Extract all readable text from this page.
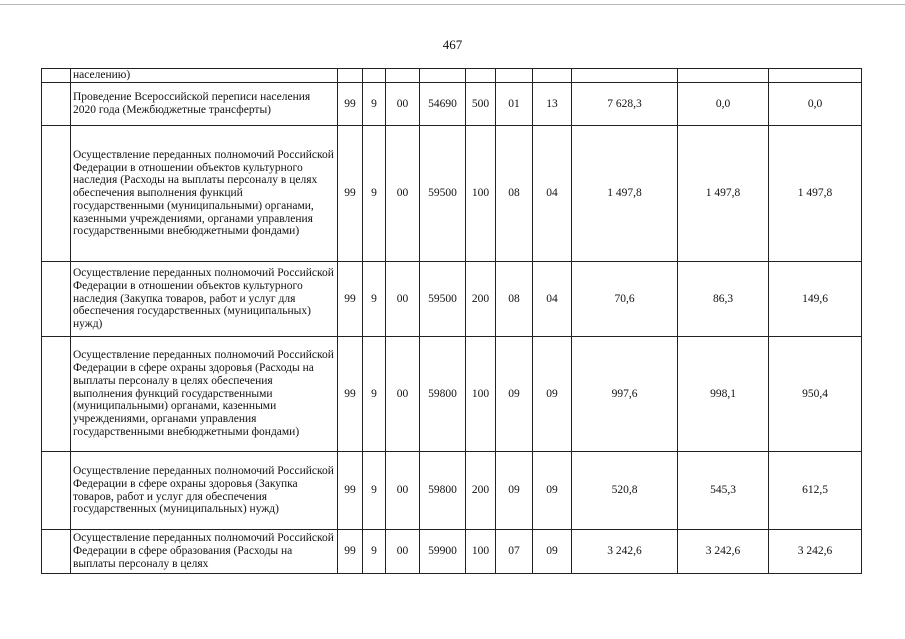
467
	населению)										
	Проведение Всероссийской переписи населения 2020 года (Межбюджетные трансферты)	99	9	00	54690	500	01	13	7 628,3	0,0	0,0
	Осуществление переданных полномочий Российской Федерации в отношении объектов культурного наследия (Расходы на выплаты персоналу в целях обеспечения выполнения функций государственными (муниципальными) органами, казенными учреждениями, органами управления государственными внебюджетными фондами)	99	9	00	59500	100	08	04	1 497,8	1 497,8	1 497,8
	Осуществление переданных полномочий Российской Федерации в отношении объектов культурного наследия (Закупка товаров, работ и услуг для обеспечения государственных (муниципальных) нужд)	99	9	00	59500	200	08	04	70,6	86,3	149,6
	Осуществление переданных полномочий Российской Федерации в сфере охраны здоровья (Расходы на выплаты персоналу в целях обеспечения выполнения функций государственными (муниципальными) органами, казенными учреждениями, органами управления государственными внебюджетными фондами)	99	9	00	59800	100	09	09	997,6	998,1	950,4
	Осуществление переданных полномочий Российской Федерации в сфере охраны здоровья (Закупка товаров, работ и услуг для обеспечения государственных (муниципальных) нужд)	99	9	00	59800	200	09	09	520,8	545,3	612,5
	Осуществление переданных полномочий Российской Федерации в сфере образования (Расходы на выплаты персоналу в целях	99	9	00	59900	100	07	09	3 242,6	3 242,6	3 242,6
